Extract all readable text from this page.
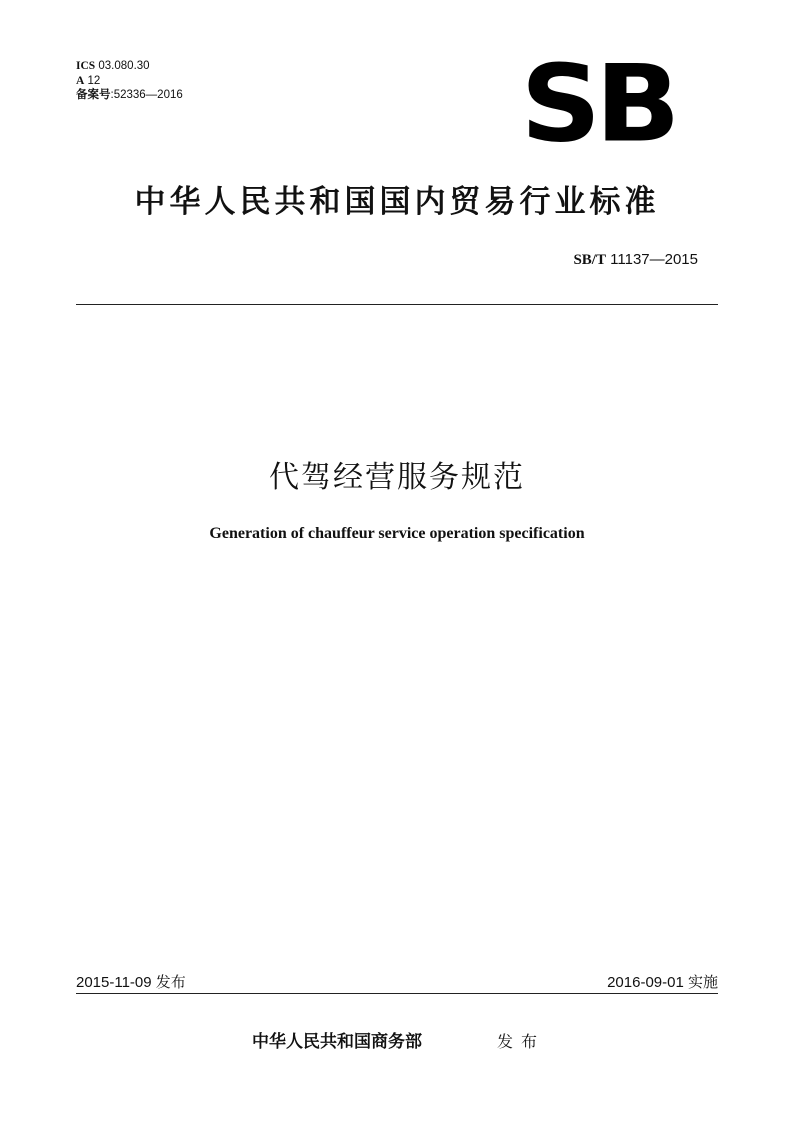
ICS 03.080.30
A 12
备案号:52336—2016	SB
中华人民共和国国内贸易行业标准
SB/T 11137—2015
代驾经营服务规范
Generation of chauffeur service operation specification
2015-11-09 发布	2016-09-01 实施
中华人民共和国商务部	发布
